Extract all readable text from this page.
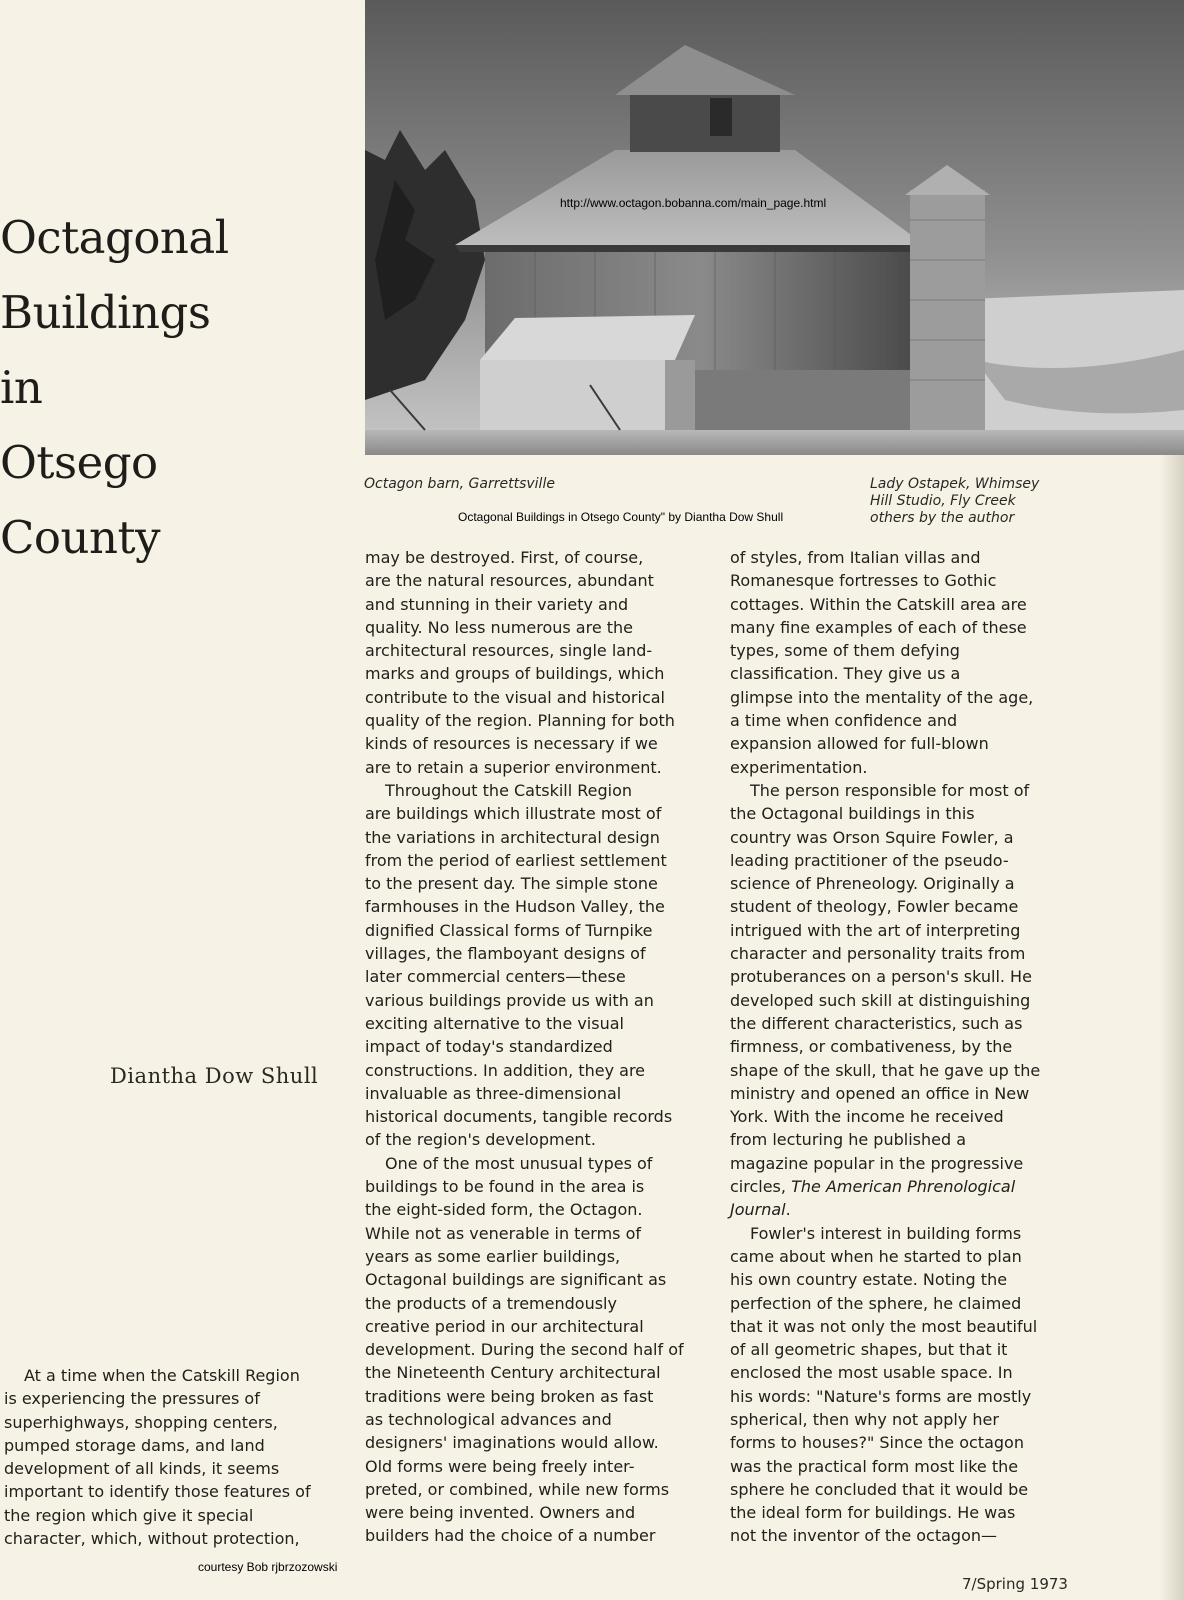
Octagonal
Buildings
in
Otsego
County
Diantha Dow Shull
http://www.octagon.bobanna.com/main_page.html
Octagon barn, Garrettsville	Lady Ostapek, Whimsey
Hill Studio, Fly Creek
others by the author
Octagonal Buildings in Otsego County" by Diantha Dow Shull
At a time when the Catskill Region
is experiencing the pressures of
superhighways, shopping centers,
pumped storage dams, and land
development of all kinds, it seems
important to identify those features of
the region which give it special
character, which, without protection,
may be destroyed. First, of course,
are the natural resources, abundant
and stunning in their variety and
quality. No less numerous are the
architectural resources, single land-
marks and groups of buildings, which
contribute to the visual and historical
quality of the region. Planning for both
kinds of resources is necessary if we
are to retain a superior environment.
Throughout the Catskill Region
are buildings which illustrate most of
the variations in architectural design
from the period of earliest settlement
to the present day. The simple stone
farmhouses in the Hudson Valley, the
dignified Classical forms of Turnpike
villages, the flamboyant designs of
later commercial centers—these
various buildings provide us with an
exciting alternative to the visual
impact of today's standardized
constructions. In addition, they are
invaluable as three-dimensional
historical documents, tangible records
of the region's development.
One of the most unusual types of
buildings to be found in the area is
the eight-sided form, the Octagon.
While not as venerable in terms of
years as some earlier buildings,
Octagonal buildings are significant as
the products of a tremendously
creative period in our architectural
development. During the second half of
the Nineteenth Century architectural
traditions were being broken as fast
as technological advances and
designers' imaginations would allow.
Old forms were being freely inter-
preted, or combined, while new forms
were being invented. Owners and
builders had the choice of a number
of styles, from Italian villas and
Romanesque fortresses to Gothic
cottages. Within the Catskill area are
many fine examples of each of these
types, some of them defying
classification. They give us a
glimpse into the mentality of the age,
a time when confidence and
expansion allowed for full-blown
experimentation.
The person responsible for most of
the Octagonal buildings in this
country was Orson Squire Fowler, a
leading practitioner of the pseudo-
science of Phreneology. Originally a
student of theology, Fowler became
intrigued with the art of interpreting
character and personality traits from
protuberances on a person's skull. He
developed such skill at distinguishing
the different characteristics, such as
firmness, or combativeness, by the
shape of the skull, that he gave up the
ministry and opened an office in New
York. With the income he received
from lecturing he published a
magazine popular in the progressive
circles, The American Phrenological
Journal.
Fowler's interest in building forms
came about when he started to plan
his own country estate. Noting the
perfection of the sphere, he claimed
that it was not only the most beautiful
of all geometric shapes, but that it
enclosed the most usable space. In
his words: "Nature's forms are mostly
spherical, then why not apply her
forms to houses?" Since the octagon
was the practical form most like the
sphere he concluded that it would be
the ideal form for buildings. He was
not the inventor of the octagon—
courtesy Bob rjbrzozowski
7/Spring 1973
